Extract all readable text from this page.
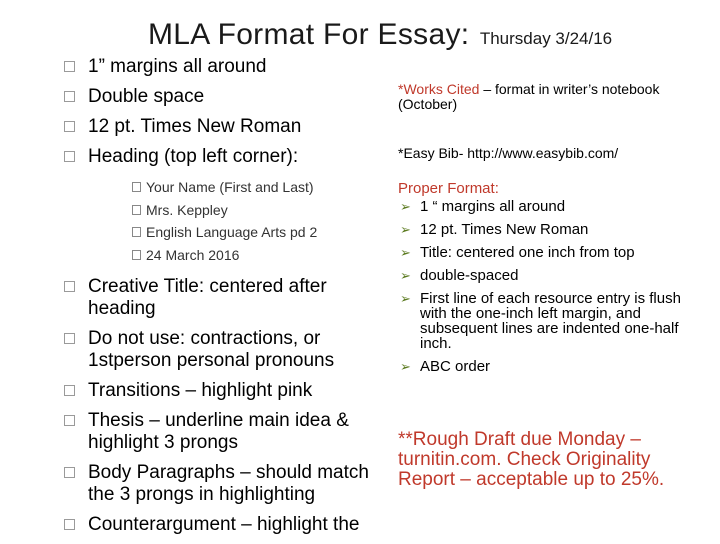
MLA Format For Essay: Thursday 3/24/16
1” margins all around
Double space
12 pt. Times New Roman
Heading (top left corner):
Your Name (First and Last)
Mrs. Keppley
English Language Arts pd 2
24 March 2016
Creative Title: centered after heading
Do not use: contractions, or 1stperson personal pronouns
Transitions – highlight pink
Thesis – underline main idea & highlight 3 prongs
Body Paragraphs – should match the 3 prongs in highlighting
Counterargument – highlight the
*Works Cited – format in writer’s notebook (October)
*Easy Bib- http://www.easybib.com/
Proper Format:
➢ 1 “ margins all around
➢ 12 pt. Times New Roman
➢ Title: centered one inch from top
➢ double-spaced
➢ First line of each resource entry is flush with the one-inch left margin, and subsequent lines are indented one-half inch.
➢ ABC order
**Rough Draft due Monday – turnitin.com. Check Originality Report – acceptable up to 25%.
